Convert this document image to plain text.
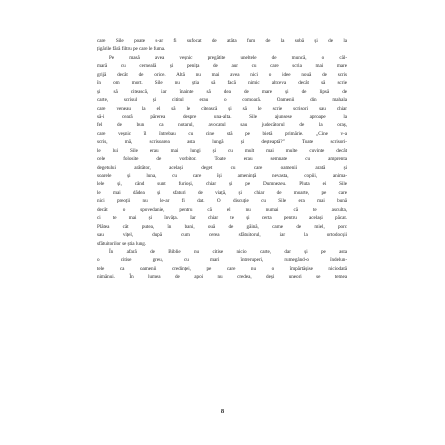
care Sile poate s-ar fi sufocat de atâta fum de la sobă și de la
țigările fără filtru pe care le fuma.
Pe masă avea veșnic pregătite uneltele de muncă, o căl-
mară cu cerneală și penița de aur cu care scria mai mare
grijă decât de orice. Altă nu mai avea nici o idee nouă de scris
în om mort. Sile nu știa să facă nimic altceva decât să scrie
și să citească, iar înainte să dea de mare și de lipsă de
carte, scrisul și cititul erau o comoară. Oamenii din mahala
care veneau la el să le citească și să le scrie scrisori sau chiar
să-i ceară părerea despre una-alta. Sile ajunsese aproape la
fel de bun ca notarul, avocatul sau judecătorul de la oraș,
care veșnic îl întrebau cu cine stă pe bietă primărie. „Cine v-a
scris, mă, scrisoarea asta lungă și deșteaptă?” Toate scrisori-
le lui Sile erau mai lungi și cu mult mai multe cuvinte decât
cele folosite de vorbitor. Toate erau semnate cu amprenta
degetului arătător, același deget cu care oamenii arată și
soarele și luna, cu care își amenință nevasta, copiii, anima-
lele și, când sunt furioși, chiar și pe Dumnezeu. Pluta ei Sile
le mai dădea și sfaturi de viață, și chiar de moarte, pe care
nici preoții nu le-ar fi dat. O discuție cu Sile era mai bună
decât o spovedanie, pentru că el nu numai că te asculta,
ci te mai și învăța. Iar chiar te și certa pentru același păcat.
Plătea cât putea, în bani, ouă de găină, carne de miel, porc
sau vițel, după cum cerea sfătuitorul, iar la ortodocșii
sfătuitorilor se știa lung.
În afară de Biblie nu citise nicio carte, dar și pe asta
o citise greu, cu mari întreruperi, rumegând-o îndelun-
tele ca oamenii credinței, pe care nu o împărtășise niciodată
nimănui. În lumea de apoi nu credea, deși uneori se temea
8
